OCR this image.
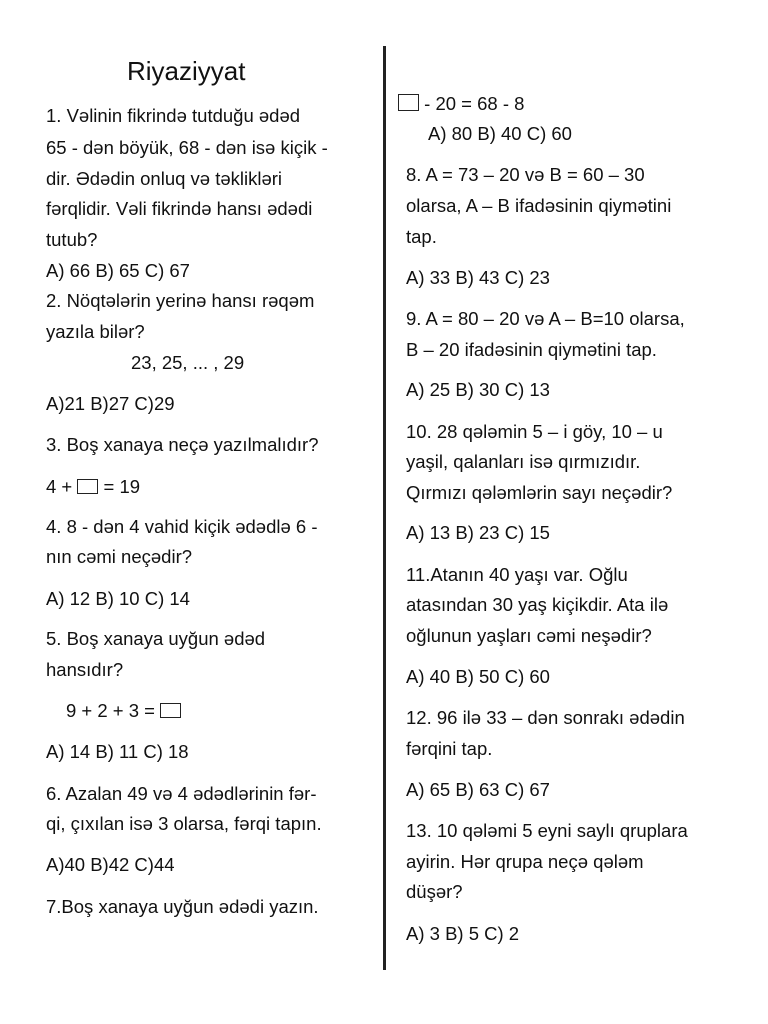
Riyaziyyat
1. Vəlinin fikrində tutduğu ədəd
65 - dən böyük, 68 - dən isə kiçik -
dir. Ədədin onluq və təklikləri
fərqlidir. Vəli fikrində hansı ədədi
tutub?
A) 66 B) 65 C) 67
2. Nöqtələrin yerinə hansı rəqəm
yazıla bilər?
23, 25, ... , 29
A)21 B)27 C)29
3. Boş xanaya neçə yazılmalıdır?
4 + = 19
4. 8 - dən 4 vahid kiçik ədədlə 6 -
nın cəmi neçədir?
A) 12 B) 10 C) 14
5. Boş xanaya uyğun ədəd
hansıdır?
9 + 2 + 3 =
A) 14 B) 11 C) 18
6. Azalan 49 və 4 ədədlərinin fər-
qi, çıxılan isə 3 olarsa, fərqi tapın.
A)40 B)42 C)44
7.Boş xanaya uyğun ədədi yazın.
- 20 = 68 - 8
A) 80 B) 40 C) 60
8. A = 73 – 20 və B = 60 – 30
olarsa, A – B ifadəsinin qiymətini
tap.
A) 33 B) 43 C) 23
9. A = 80 – 20 və A – B=10 olarsa,
B – 20 ifadəsinin qiymətini tap.
A) 25 B) 30 C) 13
10. 28 qələmin 5 – i göy, 10 – u
yaşil, qalanları isə qırmızıdır.
Qırmızı qələmlərin sayı neçədir?
A) 13 B) 23 C) 15
11.Atanın 40 yaşı var. Oğlu
atasından 30 yaş kiçikdir. Ata ilə
oğlunun yaşları cəmi neşədir?
A) 40 B) 50 C) 60
12. 96 ilə 33 – dən sonrakı ədədin
fərqini tap.
A) 65 B) 63 C) 67
13. 10 qələmi 5 eyni saylı qruplara
ayirin. Hər qrupa neçə qələm
düşər?
A) 3 B) 5 C) 2
